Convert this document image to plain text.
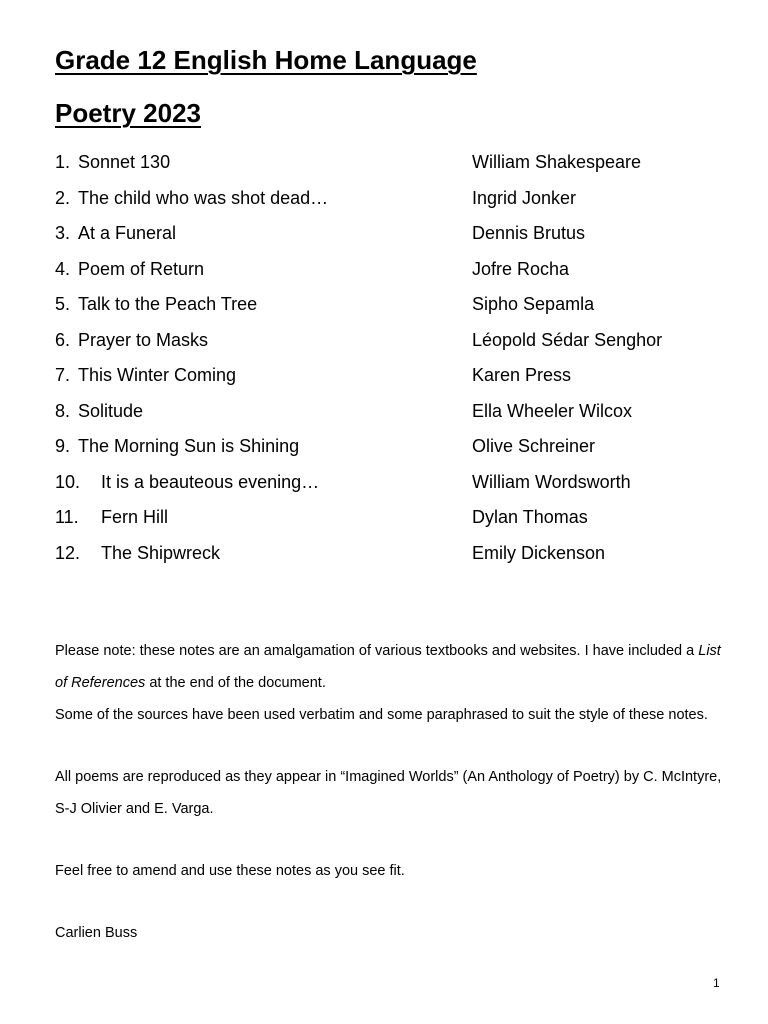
Grade 12 English Home Language
Poetry 2023
1. Sonnet 130	William Shakespeare
2. The child who was shot dead…	Ingrid Jonker
3. At a Funeral	Dennis Brutus
4. Poem of Return	Jofre Rocha
5. Talk to the Peach Tree	Sipho Sepamla
6. Prayer to Masks	Léopold Sédar Senghor
7. This Winter Coming	Karen Press
8. Solitude	Ella Wheeler Wilcox
9. The Morning Sun is Shining	Olive Schreiner
10. It is a beauteous evening…	William Wordsworth
11. Fern Hill	Dylan Thomas
12. The Shipwreck	Emily Dickenson

Please note: these notes are an amalgamation of various textbooks and websites. I have included a List of References at the end of the document.

Some of the sources have been used verbatim and some paraphrased to suit the style of these notes.

All poems are reproduced as they appear in “Imagined Worlds” (An Anthology of Poetry) by C. McIntyre, S-J Olivier and E. Varga.

Feel free to amend and use these notes as you see fit.

Carlien Buss

1
